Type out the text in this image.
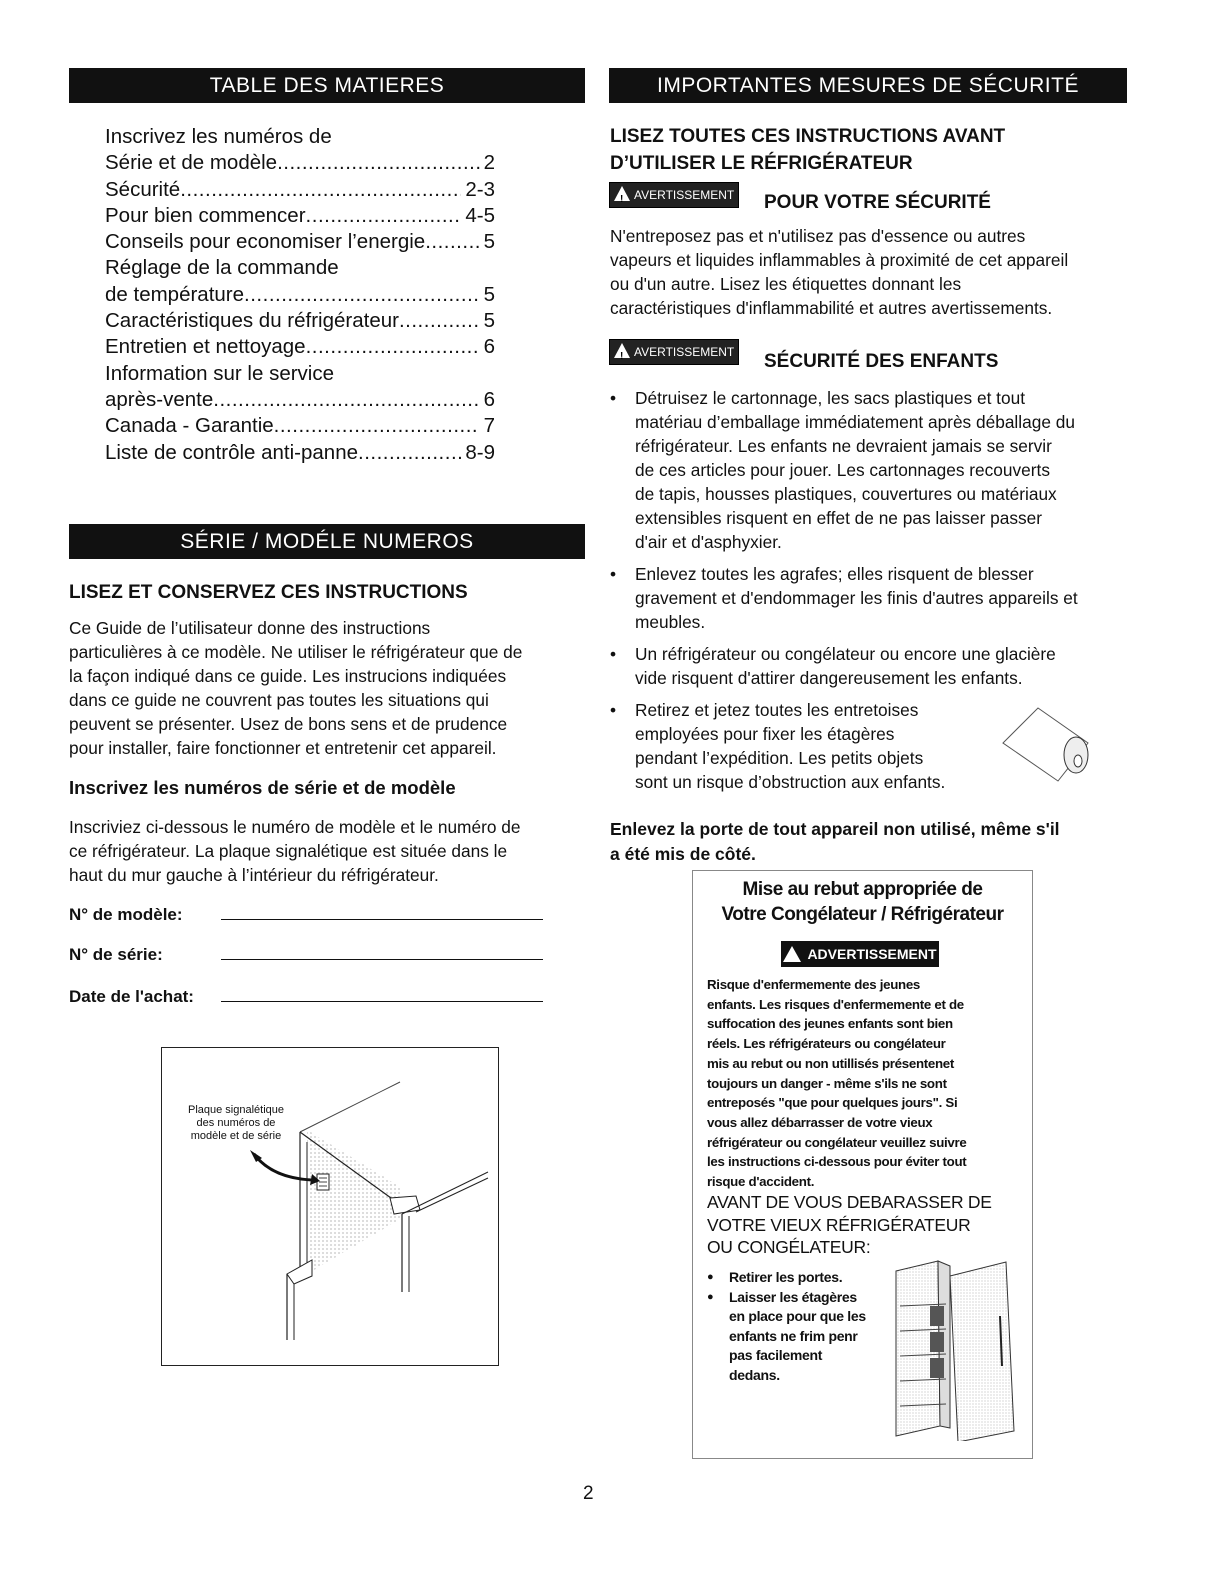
TABLE DES MATIERES
Inscrivez les numéros de
Série et de modèle .....	2
Sécurité .....	2-3
Pour bien commencer .....	4-5
Conseils pour economiser l’energie .....	5
Réglage de la commande
de température .....	5
Caractéristiques du réfrigérateur .....	5
Entretien et nettoyage .....	6
Information sur le service
après-vente .....	6
Canada - Garantie .....	7
Liste de contrôle anti-panne .....	8-9
SÉRIE / MODÉLE NUMEROS
LISEZ ET CONSERVEZ CES INSTRUCTIONS
Ce Guide de l’utilisateur donne des instructions
particulières à ce modèle. Ne utiliser le réfrigérateur que de
la façon indiqué dans ce guide. Les instrucions indiquées
dans ce guide ne couvrent pas toutes les situations qui
peuvent se présenter. Usez de bons sens et de prudence
pour installer, faire fonctionner et entretenir cet appareil.
Inscrivez les numéros de série et de modèle
Inscriviez ci-dessous le numéro de modèle et le numéro de
ce réfrigérateur. La plaque signalétique est située dans le
haut du mur gauche à l’intérieur du réfrigérateur.
N° de modèle:
N° de série:
Date de l'achat:
Plaque signalétique
des numéros de
modèle et de série
IMPORTANTES MESURES DE SÉCURITÉ
LISEZ TOUTES CES INSTRUCTIONS AVANT
D’UTILISER LE RÉFRIGÉRATEUR
!
AVERTISSEMENT POUR VOTRE SÉCURITÉ
N'entreposez pas et n'utilisez pas d'essence ou autres
vapeurs et liquides inflammables à proximité de cet appareil
ou d'un autre. Lisez les étiquettes donnant les
caractéristiques d'inflammabilité et autres avertissements.
!
AVERTISSEMENT SÉCURITÉ DES ENFANTS
• Détruisez le cartonnage, les sacs plastiques et tout
matériau d’emballage immédiatement après déballage du
réfrigérateur. Les enfants ne devraient jamais se servir
de ces articles pour jouer. Les cartonnages recouverts
de tapis, housses plastiques, couvertures ou matériaux
extensibles risquent en effet de ne pas laisser passer
d'air et d'asphyxier.
• Enlevez toutes les agrafes; elles risquent de blesser
gravement et d'endommager les finis d'autres appareils et
meubles.
• Un réfrigérateur ou congélateur ou encore une glacière
vide risquent d'attirer dangereusement les enfants.
• Retirez et jetez toutes les entretoises
employées pour fixer les étagères
pendant l’expédition. Les petits objets
sont un risque d’obstruction aux enfants.
Enlevez la porte de tout appareil non utilisé, même s'il
a été mis de côté.
Mise au rebut appropriée de
Votre Congélateur / Réfrigérateur
ADVERTISSEMENT
Risque d'enfermemente des jeunes
enfants. Les risques d'enfermemente et de
suffocation des jeunes enfants sont bien
réels. Les réfrigérateurs ou congélateur
mis au rebut ou non utillisés présentenet
toujours un danger - même s'ils ne sont
entreposés "que pour quelques jours". Si
vous allez débarrasser de votre vieux
réfrigérateur ou congélateur veuillez suivre
les instructions ci-dessous pour éviter tout
risque d'accident.
AVANT DE VOUS DEBARASSER DE
VOTRE VIEUX RÉFRIGÉRATEUR
OU CONGÉLATEUR:
● Retirer les portes.
● Laisser les étagères
en place pour que les
enfants ne frim penr
pas facilement
dedans.
2
